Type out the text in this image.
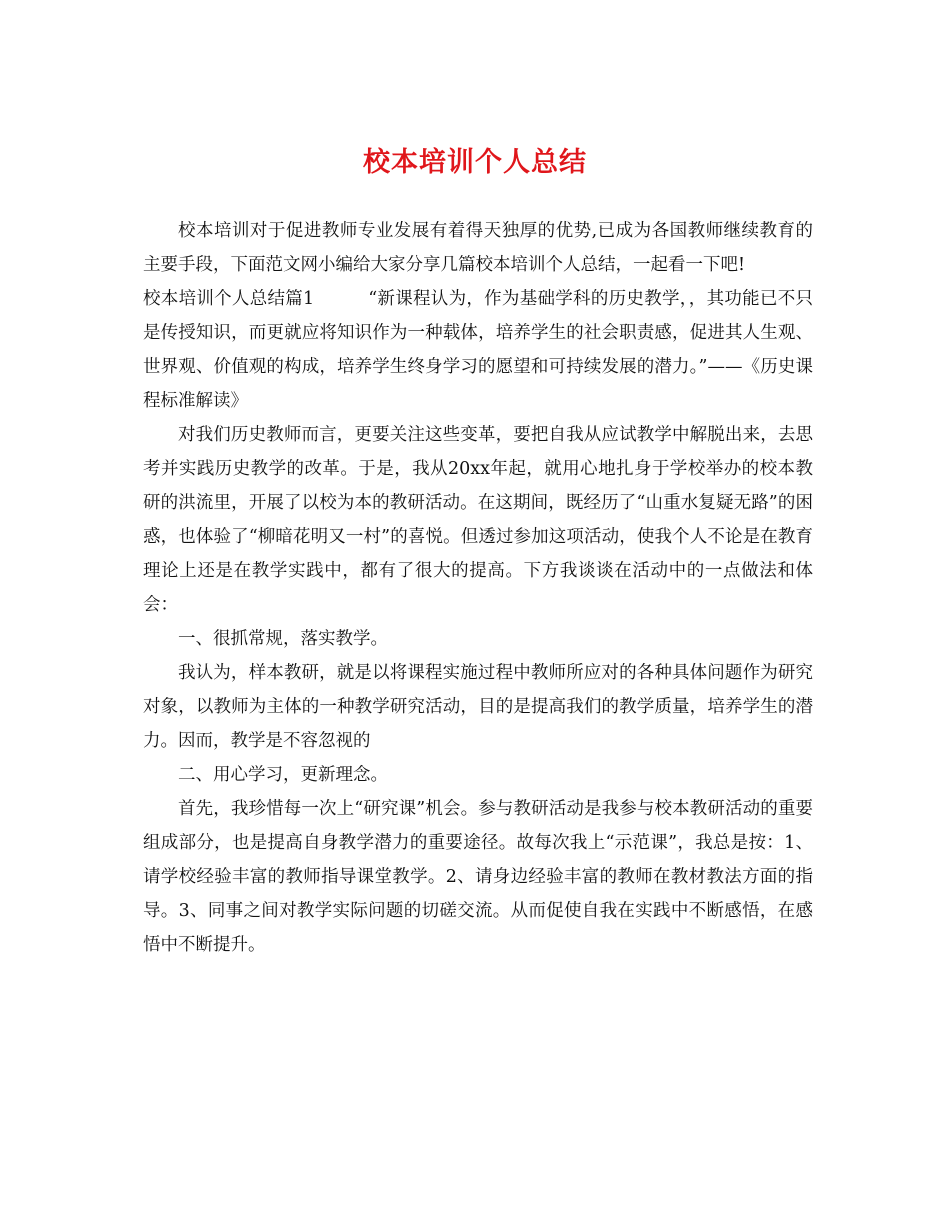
校本培训个人总结

校本培训对于促进教师专业发展有着得天独厚的优势,已成为各国教师继续教育的主要手段，下面范文网小编给大家分享几篇校本培训个人总结，一起看一下吧!

校本培训个人总结篇1	“新课程认为，作为基础学科的历史教学，，其功能已不只是传授知识，而更就应将知识作为一种载体，培养学生的社会职责感，促进其人生观、世界观、价值观的构成，培养学生终身学习的愿望和可持续发展的潜力。”——《历史课程标准解读》

对我们历史教师而言，更要关注这些变革，要把自我从应试教学中解脱出来，去思考并实践历史教学的改革。于是，我从20xx年起，就用心地扎身于学校举办的校本教研的洪流里，开展了以校为本的教研活动。在这期间，既经历了“山重水复疑无路”的困惑，也体验了“柳暗花明又一村”的喜悦。但透过参加这项活动，使我个人不论是在教育理论上还是在教学实践中，都有了很大的提高。下方我谈谈在活动中的一点做法和体会：

一、很抓常规，落实教学。

我认为，样本教研，就是以将课程实施过程中教师所应对的各种具体问题作为研究对象，以教师为主体的一种教学研究活动，目的是提高我们的教学质量，培养学生的潜力。因而，教学是不容忽视的

二、用心学习，更新理念。

首先，我珍惜每一次上“研究课”机会。参与教研活动是我参与校本教研活动的重要组成部分，也是提高自身教学潜力的重要途径。故每次我上“示范课”，我总是按：1、请学校经验丰富的教师指导课堂教学。2、请身边经验丰富的教师在教材教法方面的指导。3、同事之间对教学实际问题的切磋交流。从而促使自我在实践中不断感悟，在感悟中不断提升。
